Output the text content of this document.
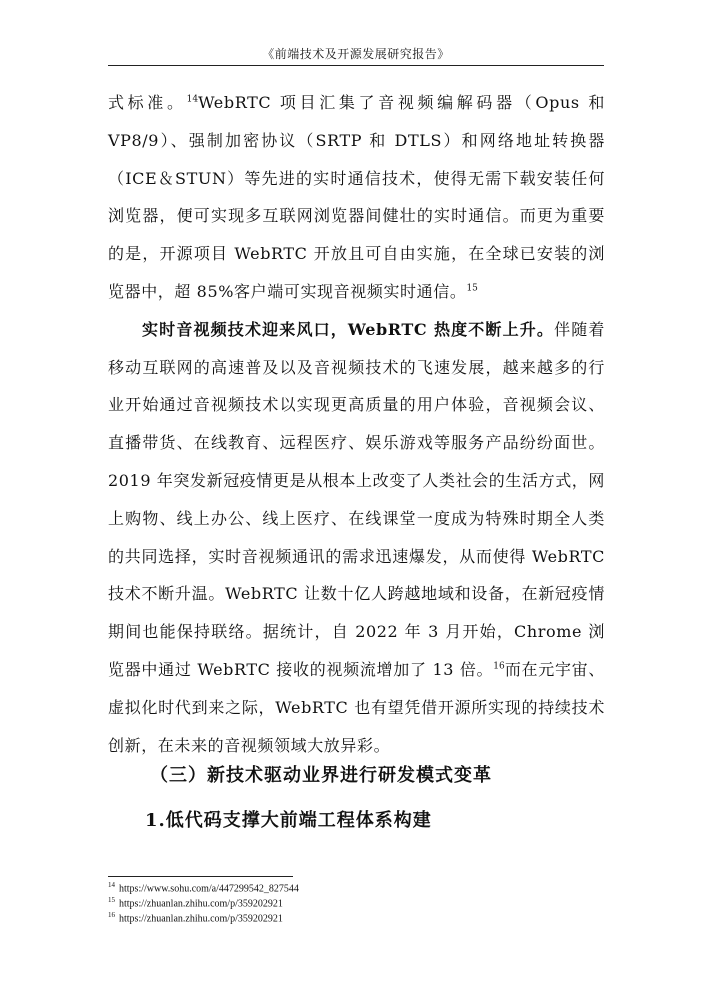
《前端技术及开源发展研究报告》

式标准。$^{14}$WebRTC 项目汇集了音视频编解码器（Opus 和 VP8/9）、强制加密协议（SRTP 和 DTLS）和网络地址转换器（ICE＆STUN）等先进的实时通信技术，使得无需下载安装任何浏览器，便可实现多互联网浏览器间健壮的实时通信。而更为重要的是，开源项目 WebRTC 开放且可自由实施，在全球已安装的浏览器中，超 85%客户端可实现音视频实时通信。$^{15}$

实时音视频技术迎来风口，WebRTC 热度不断上升。伴随着移动互联网的高速普及以及音视频技术的飞速发展，越来越多的行业开始通过音视频技术以实现更高质量的用户体验，音视频会议、直播带货、在线教育、远程医疗、娱乐游戏等服务产品纷纷面世。2019 年突发新冠疫情更是从根本上改变了人类社会的生活方式，网上购物、线上办公、线上医疗、在线课堂一度成为特殊时期全人类的共同选择，实时音视频通讯的需求迅速爆发，从而使得 WebRTC 技术不断升温。WebRTC 让数十亿人跨越地域和设备，在新冠疫情期间也能保持联络。据统计，自 2022 年 3 月开始，Chrome 浏览器中通过 WebRTC 接收的视频流增加了 13 倍。$^{16}$而在元宇宙、虚拟化时代到来之际，WebRTC 也有望凭借开源所实现的持续技术创新，在未来的音视频领域大放异彩。

（三）新技术驱动业界进行研发模式变革
1.低代码支撑大前端工程体系构建
$^{14}$ https://www.sohu.com/a/447299542_827544
$^{15}$ https://zhuanlan.zhihu.com/p/359202921
$^{16}$ https://zhuanlan.zhihu.com/p/359202921
